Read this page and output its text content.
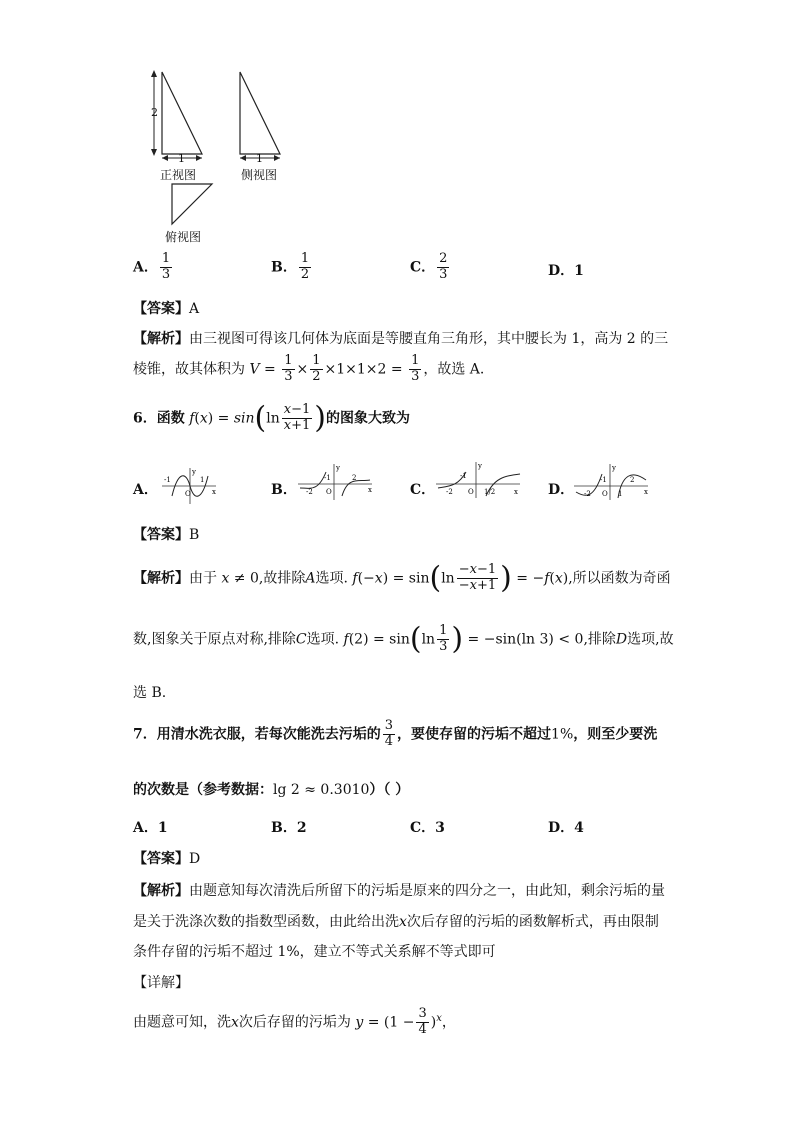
2
1	1
正视图	侧视图
俯视图
A． $\frac{1}{3}$	B． $\frac{1}{2}$	C． $\frac{2}{3}$	D．1
【答案】A
【解析】由三视图可得该几何体为底面是等腰直角三角形，其中腰长为 1，高为 2 的三
棱锥，故其体积为 $V = \frac{1}{3} \times \frac{1}{2} \times 1\times 1\times 2 = \frac{1}{3}$ ，故选 A.
6．函数 $f(x) = \sin(\ln \frac{x-1}{x+1}$ )的图象大致为
A．
-1
O
1
x
y
B． -2
-1
O
2
x
y
C． -2
-1
O 1/2	x
y
D． -2
-1
O 1
2
x
y
【答案】B
【解析】由于 x ≠ 0,故排除A选项. $f(-x) = \sin(\ln \frac{-x-1}{-x+1}$ ) = −f(x),所以函数为奇函
数,图象关于原点对称,排除C选项. $f(2) = \sin(\ln \frac{1}{3}$ ) = −sin(ln 3) < 0,排除D选项,故
选 B.
7．用清水洗衣服，若每次能洗去污垢的 $\frac{3}{4}$ ，要使存留的污垢不超过1%，则至少要洗
的次数是（参考数据：lg 2 ≈ 0.3010）（ ）
A．1	B．2	C．3	D．4
【答案】D
【解析】由题意知每次清洗后所留下的污垢是原来的四分之一，由此知，剩余污垢的量
是关于洗涤次数的指数型函数，由此给出洗x次后存留的污垢的函数解析式，再由限制
条件存留的污垢不超过 1%，建立不等式关系解不等式即可
【详解】
由题意可知，洗x次后存留的污垢为 $y = (1 - \frac{3}{4} )^x$，
